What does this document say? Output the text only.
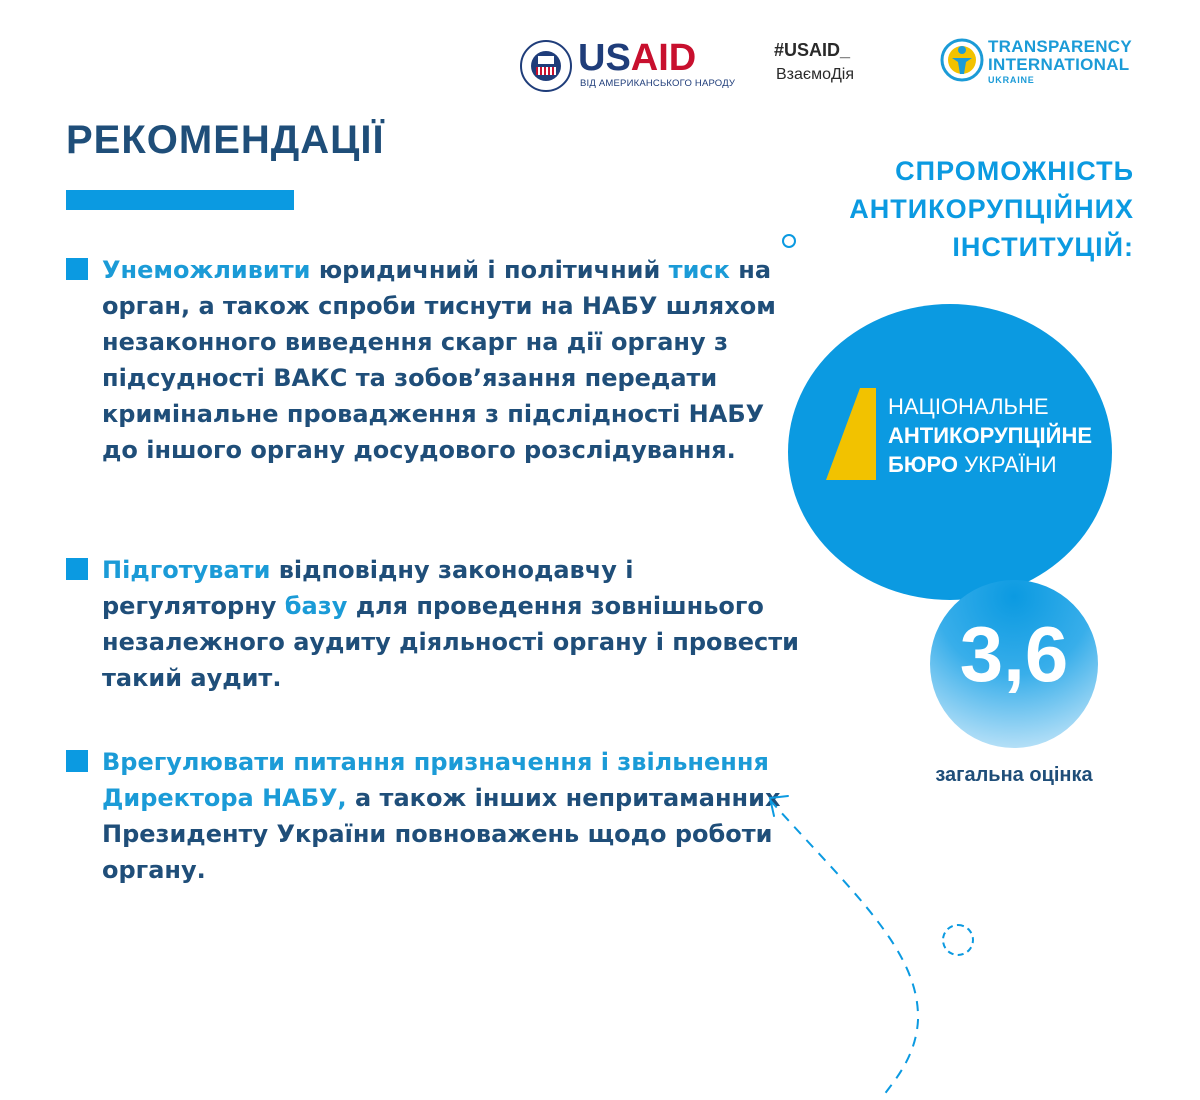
USAID
ВІД АМЕРИКАНСЬКОГО НАРОДУ
#USAID_
ВзаємоДія
TRANSPARENCY
INTERNATIONAL
UKRAINE
РЕКОМЕНДАЦІЇ

Унеможливити юридичний і політичний тиск на орган, а також спроби тиснути на НАБУ шляхом незаконного виведення скарг на дії органу з підсудності ВАКС та зобов’язання передати кримінальне провадження з підслідності НАБУ до іншого органу досудового розслідування.

Підготувати відповідну законодавчу і регуляторну базу для проведення зовнішнього незалежного аудиту діяльності органу і провести такий аудит.

Врегулювати питання призначення і звільнення Директора НАБУ, а також інших непритаманних Президенту України повноважень щодо роботи органу.

СПРОМОЖНІСТЬ
АНТИКОРУПЦІЙНИХ
ІНСТИТУЦІЙ:
НАЦІОНАЛЬНЕ
АНТИКОРУПЦІЙНЕ
БЮРО УКРАЇНИ
3,6
загальна оцінка
